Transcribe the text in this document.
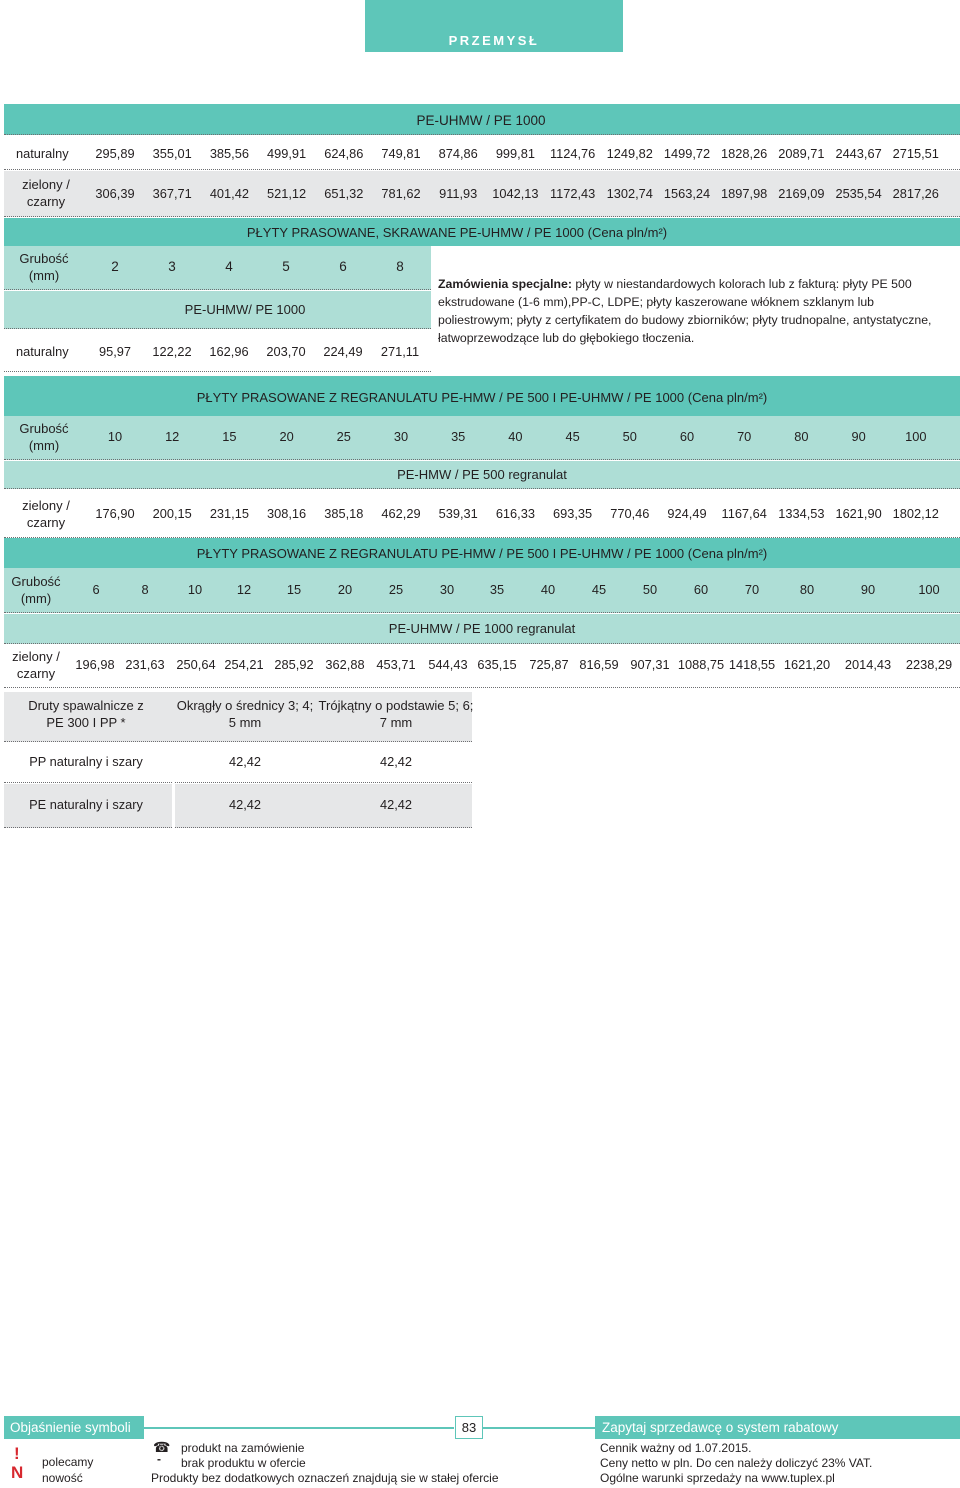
PRZEMYSŁ
PE-UHMW / PE 1000
naturalny
zielony / czarny
295,89	355,01	385,56	499,91	624,86	749,81	874,86	999,81	1124,76 1249,82 1499,72 1828,26 2089,71 2443,67 2715,51
306,39	367,71	401,42	521,12	651,32	781,62	911,93	1042,13 1172,43 1302,74 1563,24 1897,98 2169,09 2535,54 2817,26
PŁYTY PRASOWANE, SKRAWANE PE-UHMW / PE 1000 (Cena pln/m²)
Grubość (mm)
2	3	4	5	6	8
PE-UHMW/ PE 1000
naturalny	95,97	122,22	162,96	203,70	224,49	271,11
Zamówienia specjalne: płyty w niestandardowych kolorach lub z fakturą: płyty PE 500 ekstrudowane (1-6 mm),PP-C, LDPE; płyty kaszerowane włóknem szklanym lub poliestrowym; płyty z certyfikatem do budowy zbiorników; płyty trudnopalne, antystatyczne, łatwoprzewodzące lub do głębokiego tłoczenia.
PŁYTY PRASOWANE Z REGRANULATU PE-HMW / PE 500 I PE-UHMW / PE 1000 (Cena pln/m²)
Grubość (mm)
10	12	15	20	25	30	35	40	45	50	60	70	80	90	100
PE-HMW / PE 500 regranulat
zielony / czarny
176,90	200,15	231,15	308,16	385,18	462,29	539,31	616,33	693,35	770,46	924,49	1167,64 1334,53 1621,90 1802,12
PŁYTY PRASOWANE Z REGRANULATU PE-HMW / PE 500 I PE-UHMW / PE 1000 (Cena pln/m²)
Grubość (mm)
6	8	10	12	15	20	25	30	35	40	45	50	60	70	80	90	100
PE-UHMW / PE 1000 regranulat
zielony / czarny
196,98 231,63 250,64 254,21 285,92 362,88 453,71	544,43 635,15	725,87 816,59 907,31 1088,75 1418,55 1621,20	2014,43	2238,29
Druty spawalnicze z PE 300 I PP *
Okrągły o średnicy 3; 4; 5 mm
Trójkątny o podstawie 5; 6; 7 mm
PP naturalny i szary	42,42	42,42
PE naturalny i szary	42,42	42,42
Objaśnienie symboli	83	Zapytaj sprzedawcę o system rabatowy
!
N
polecamy
nowość
☎
-
produkt na zamówienie
brak produktu w ofercie
Produkty bez dodatkowych oznaczeń znajdują sie w stałej ofercie
Cennik ważny od 1.07.2015.
Ceny netto w pln. Do cen należy doliczyć 23% VAT.
Ogólne warunki sprzedaży na www.tuplex.pl
